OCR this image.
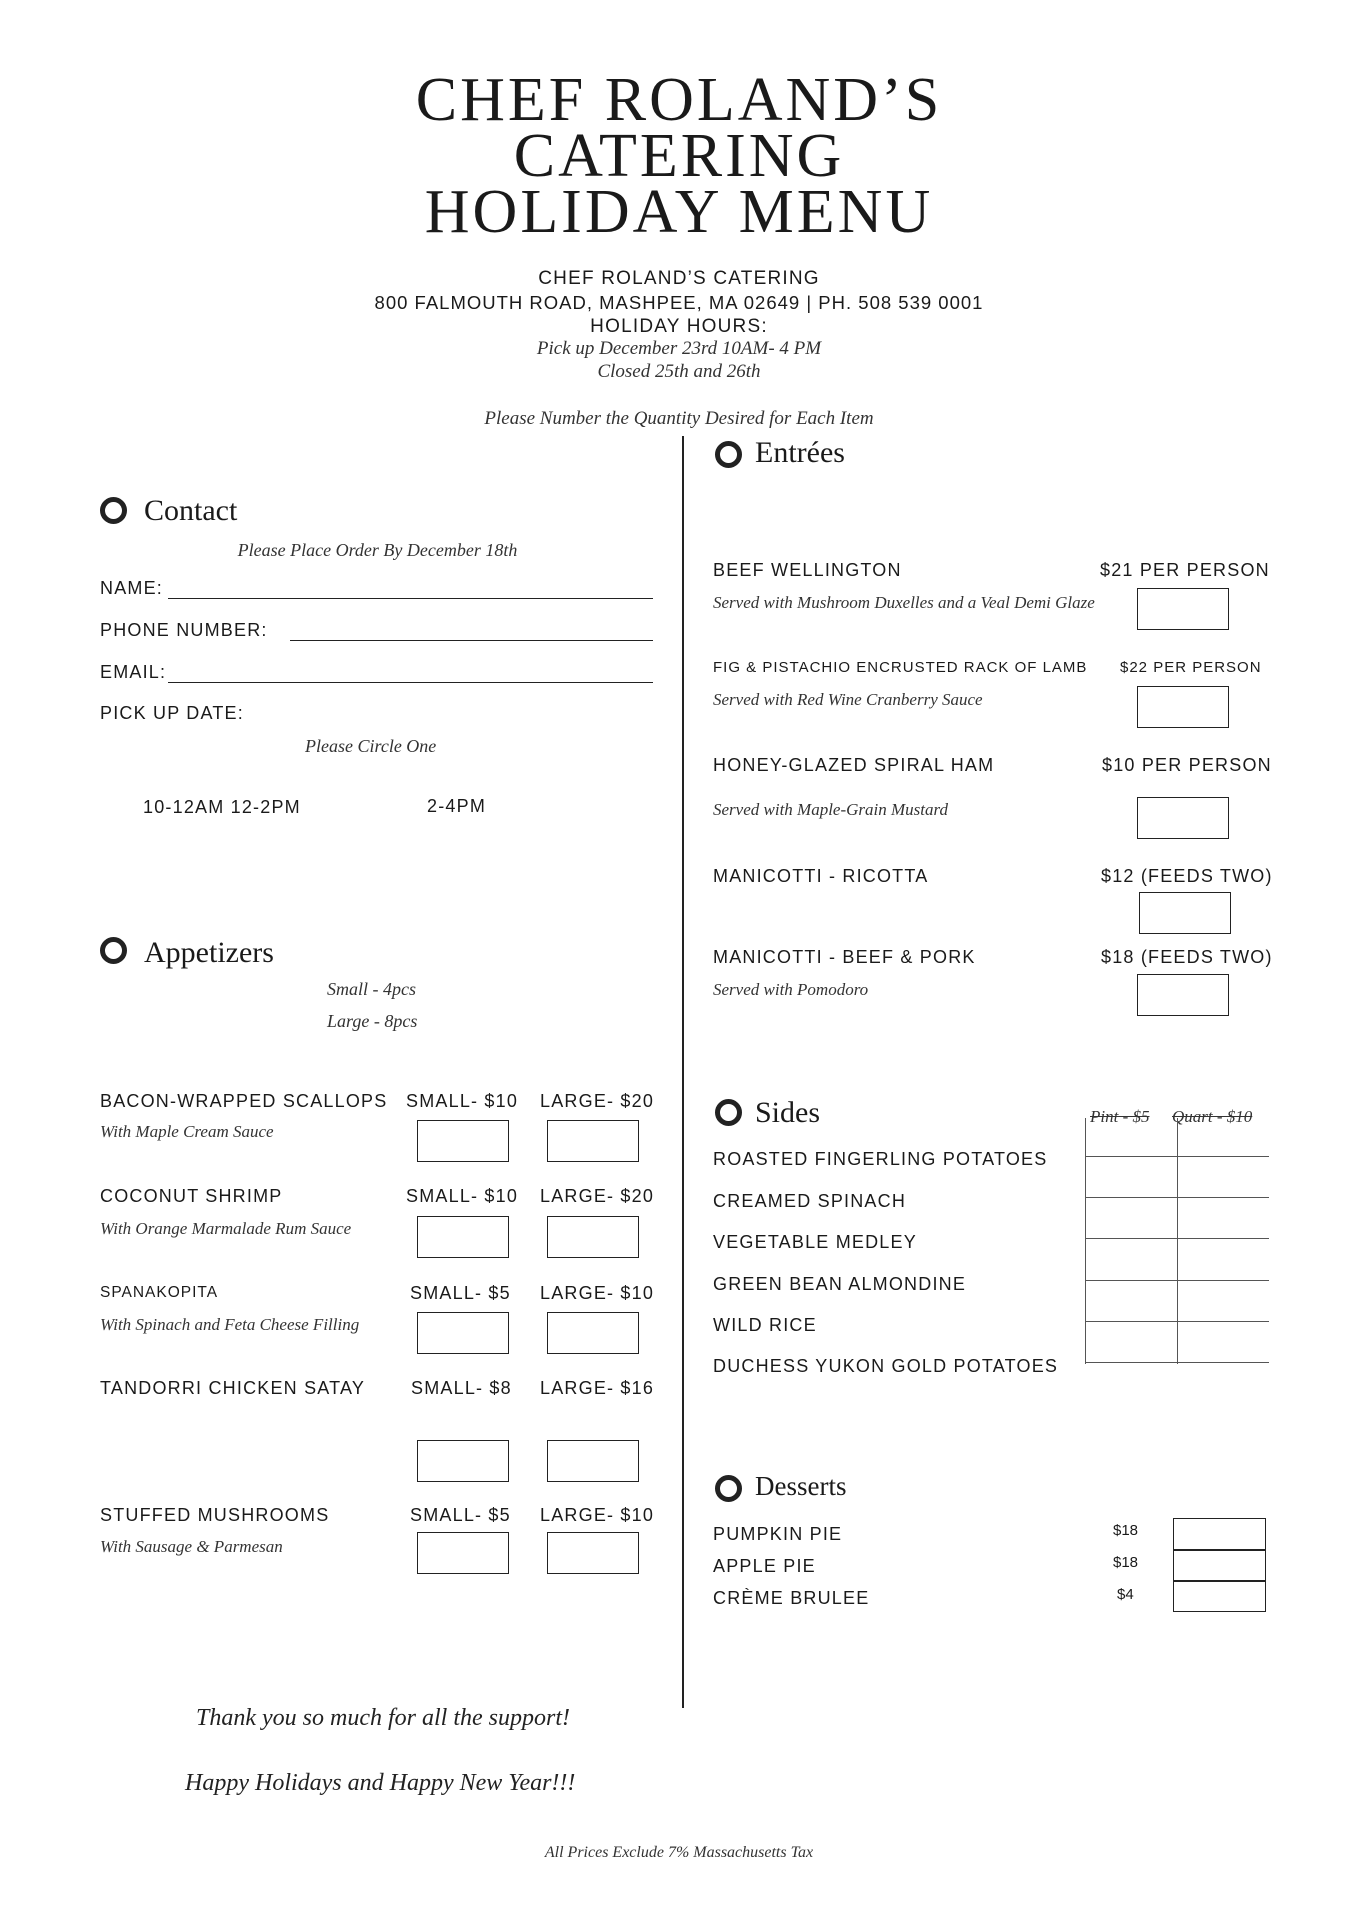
CHEF ROLAND’S
CATERING
HOLIDAY MENU
CHEF ROLAND’S CATERING
800 FALMOUTH ROAD, MASHPEE, MA 02649 | PH. 508 539 0001
HOLIDAY HOURS:
Pick up December 23rd 10AM- 4 PM
Closed 25th and 26th
Please Number the Quantity Desired for Each Item
Contact
Please Place Order By December 18th
NAME:
PHONE NUMBER:
EMAIL:
PICK UP DATE:
Please Circle One
10-12AM 12-2PM	2-4PM
Appetizers
Small - 4pcs
Large - 8pcs
BACON-WRAPPED SCALLOPS SMALL- $10 LARGE- $20
With Maple Cream Sauce
COCONUT SHRIMP	SMALL- $10 LARGE- $20
With Orange Marmalade Rum Sauce
SPANAKOPITA	SMALL- $5 LARGE- $10
With Spinach and Feta Cheese Filling
TANDORRI CHICKEN SATAY	SMALL- $8 LARGE- $16
STUFFED MUSHROOMS	SMALL- $5 LARGE- $10
With Sausage & Parmesan
Entrées
BEEF WELLINGTON	$21 PER PERSON
Served with Mushroom Duxelles and a Veal Demi Glaze
FIG & PISTACHIO ENCRUSTED RACK OF LAMB $22 PER PERSON
Served with Red Wine Cranberry Sauce
HONEY-GLAZED SPIRAL HAM	$10 PER PERSON
Served with Maple-Grain Mustard
MANICOTTI - RICOTTA	$12 (FEEDS TWO)
MANICOTTI - BEEF & PORK	$18 (FEEDS TWO)
Served with Pomodoro
Sides	Pint - $5 Quart - $10
ROASTED FINGERLING POTATOES
CREAMED SPINACH
VEGETABLE MEDLEY
GREEN BEAN ALMONDINE
WILD RICE
DUCHESS YUKON GOLD POTATOES
Desserts
PUMPKIN PIE	$18
APPLE PIE	$18
CRÈME BRULEE	$4
Thank you so much for all the support!
Happy Holidays and Happy New Year!!!
All Prices Exclude 7% Massachusetts Tax
